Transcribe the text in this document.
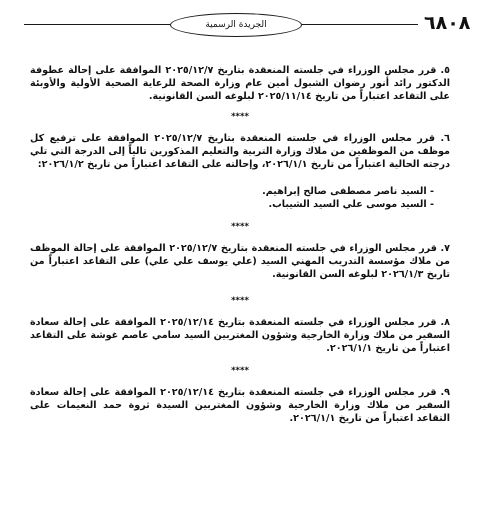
٦٨٠٨
الجريدة الرسمية

٥. قرر مجلس الوزراء في جلسته المنعقدة بتاريخ ٢٠٢٥/١٢/٧ الموافقة على إحالة عطوفة الدكتور رائد أنور رضوان الشبول أمين عام وزارة الصحة للرعاية الصحية الأولية والأوبئة على التقاعد اعتباراً من تاريخ ٢٠٢٥/١١/١٤ لبلوغه السن القانونية.

****

٦. قرر مجلس الوزراء في جلسته المنعقدة بتاريخ ٢٠٢٥/١٢/٧ الموافقة على ترفيع كل موظف من الموظفين من ملاك وزارة التربية والتعليم المذكورين تالياً إلى الدرجة التي تلي درجته الحالية اعتباراً من تاريخ ٢٠٢٦/١/١، وإحالته على التقاعد اعتباراً من تاريخ ٢٠٢٦/١/٢:

- السيد ناصر مصطفى صالح إبراهيم.
- السيد موسى علي السيد الشيباب.
****

٧. قرر مجلس الوزراء في جلسته المنعقدة بتاريخ ٢٠٢٥/١٢/٧ الموافقة على إحالة الموظف من ملاك مؤسسة التدريب المهني السيد (علي يوسف علي علي) على التقاعد اعتباراً من تاريخ ٢٠٢٦/١/٣ لبلوغه السن القانونية.

****

٨. قرر مجلس الوزراء في جلسته المنعقدة بتاريخ ٢٠٢٥/١٢/١٤ الموافقة على إحالة سعادة السفير من ملاك وزارة الخارجية وشؤون المغتربين السيد سامي عاصم غوشة على التقاعد اعتباراً من تاريخ ٢٠٢٦/١/١.

****

٩. قرر مجلس الوزراء في جلسته المنعقدة بتاريخ ٢٠٢٥/١٢/١٤ الموافقة على إحالة سعادة السفير من ملاك وزارة الخارجية وشؤون المغتربين السيدة ثروة حمد النعيمات على التقاعد اعتباراً من تاريخ ٢٠٢٦/١/١.
